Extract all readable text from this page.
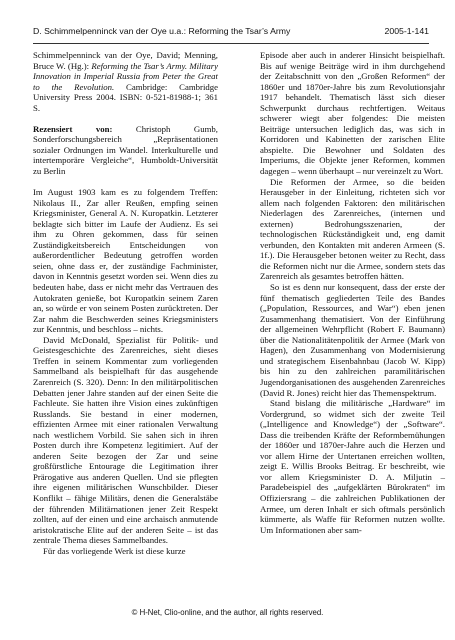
D. Schimmelpenninck van der Oye u.a.: Reforming the Tsar’s Army	2005-1-141

Schimmelpenninck van der Oye, David; Menning, Bruce W. (Hg.): Reforming the Tsar’s Army. Military Innovation in Imperial Russia from Peter the Great to the Revolution. Cambridge: Cambridge University Press 2004. ISBN: 0-521-81988-1; 361 S.

Rezensiert von:	Christoph Gumb, Sonderforschungsbereich „Repräsentationen sozialer Ordnungen im Wandel. Interkulturelle und intertemporäre Vergleiche“, Humboldt-Universität zu Berlin

Im August 1903 kam es zu folgendem Treffen: Nikolaus II., Zar aller Reußen, empfing seinen Kriegsminister, General A. N. Kuropatkin. Letzterer beklagte sich bitter im Laufe der Audienz. Es sei ihm zu Ohren gekommen, dass für seinen Zuständigkeitsbereich Entscheidungen von außerordentlicher Bedeutung getroffen worden seien, ohne dass er, der zuständige Fachminister, davon in Kenntnis gesetzt worden sei. Wenn dies zu bedeuten habe, dass er nicht mehr das Vertrauen des Autokraten genieße, bot Kuropatkin seinem Zaren an, so würde er von seinem Posten zurücktreten. Der Zar nahm die Beschwerden seines Kriegsministers zur Kenntnis, und beschloss – nichts.

David McDonald, Spezialist für Politik- und Geistesgeschichte des Zarenreiches, sieht dieses Treffen in seinem Kommentar zum vorliegenden Sammelband als beispielhaft für das ausgehende Zarenreich (S. 320). Denn: In den militärpolitischen Debatten jener Jahre standen auf der einen Seite die Fachleute. Sie hatten ihre Vision eines zukünftigen Russlands. Sie bestand in einer modernen, effizienten Armee mit einer rationalen Verwaltung nach westlichem Vorbild. Sie sahen sich in ihren Posten durch ihre Kompetenz legitimiert. Auf der anderen Seite bezogen der Zar und seine großfürstliche Entourage die Legitimation ihrer Prärogative aus anderen Quellen. Und sie pflegten ihre eigenen militärischen Wunschbilder. Dieser Konflikt – fähige Militärs, denen die Generalstäbe der führenden Militärnationen jener Zeit Respekt zollten, auf der einen und eine archaisch anmutende aristokratische Elite auf der anderen Seite – ist das zentrale Thema dieses Sammelbandes.

Für das vorliegende Werk ist diese kurze

Episode aber auch in anderer Hinsicht beispielhaft. Bis auf wenige Beiträge wird in ihm durchgehend der Zeitabschnitt von den „Großen Reformen“ der 1860er und 1870er-Jahre bis zum Revolutionsjahr 1917 behandelt. Thematisch lässt sich dieser Schwerpunkt durchaus rechtfertigen. Weitaus schwerer wiegt aber folgendes: Die meisten Beiträge untersuchen lediglich das, was sich in Korridoren und Kabinetten der zarischen Elite abspielte. Die Bewohner und Soldaten des Imperiums, die Objekte jener Reformen, kommen dagegen – wenn überhaupt – nur vereinzelt zu Wort.

Die Reformen der Armee, so die beiden Herausgeber in der Einleitung, richteten sich vor allem nach folgenden Faktoren: den militärischen Niederlagen des Zarenreiches, (internen und externen) Bedrohungsszenarien, der technologischen Rückständigkeit und, eng damit verbunden, den Kontakten mit anderen Armeen (S. 1f.). Die Herausgeber betonen weiter zu Recht, dass die Reformen nicht nur die Armee, sondern stets das Zarenreich als gesamtes betroffen hätten.

So ist es denn nur konsequent, dass der erste der fünf thematisch gegliederten Teile des Bandes („Population, Ressources, and War“) eben jenen Zusammenhang thematisiert. Von der Einführung der allgemeinen Wehrpflicht (Robert F. Baumann) über die Nationalitätenpolitik der Armee (Mark von Hagen), den Zusammenhang von Modernisierung und strategischem Eisenbahnbau (Jacob W. Kipp) bis hin zu den zahlreichen paramilitärischen Jugendorganisationen des ausgehenden Zarenreiches (David R. Jones) reicht hier das Themenspektrum.

Stand bislang die militärische „Hardware“ im Vordergrund, so widmet sich der zweite Teil („Intelligence and Knowledge“) der „Software“. Dass die treibenden Kräfte der Reformbemühungen der 1860er und 1870er-Jahre auch die Herzen und vor allem Hirne der Untertanen erreichen wollten, zeigt E. Willis Brooks Beitrag. Er beschreibt, wie vor allem Kriegsminister D. A. Miljutin – Paradebeispiel des „aufgeklärten Bürokraten“ im Offiziersrang – die zahlreichen Publikationen der Armee, um deren Inhalt er sich oftmals persönlich kümmerte, als Waffe für Reformen nutzen wollte. Um Informationen aber sam-

© H-Net, Clio-online, and the author, all rights reserved.
